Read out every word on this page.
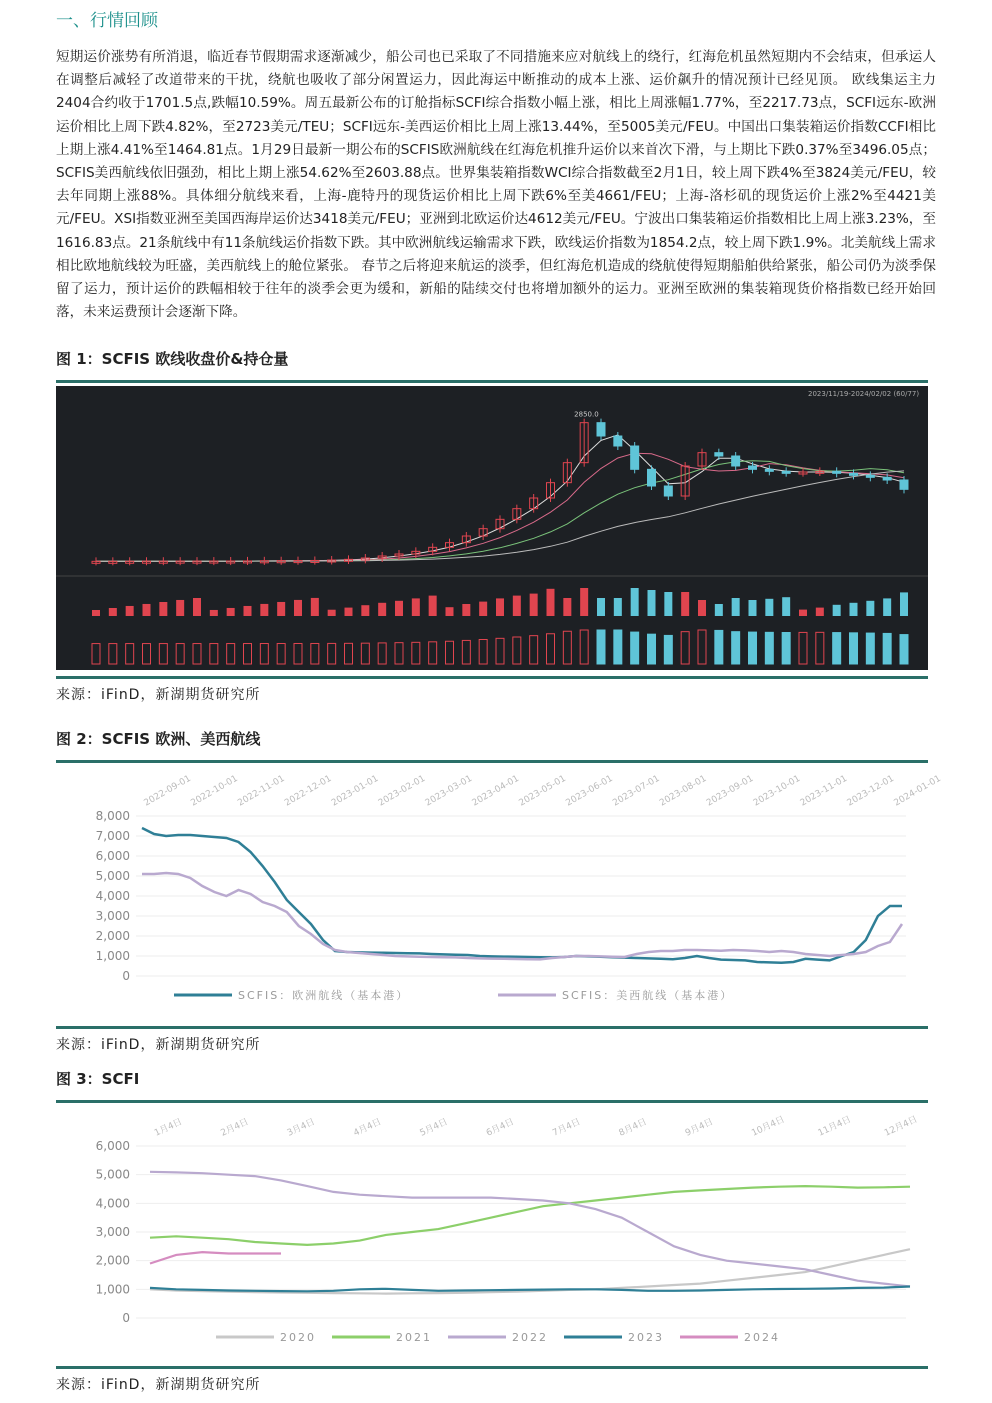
一、行情回顾

短期运价涨势有所消退，临近春节假期需求逐渐减少，船公司也已采取了不同措施来应对航线上的绕行，红海危机虽然短期内不会结束，但承运人在调整后减轻了改道带来的干扰，绕航也吸收了部分闲置运力，因此海运中断推动的成本上涨、运价飙升的情况预计已经见顶。 欧线集运主力2404合约收于1701.5点,跌幅10.59%。周五最新公布的订舱指标SCFI综合指数小幅上涨，相比上周涨幅1.77%，至2217.73点，SCFI远东-欧洲运价相比上周下跌4.82%，至2723美元/TEU；SCFI远东-美西运价相比上周上涨13.44%，至5005美元/FEU。中国出口集装箱运价指数CCFI相比上期上涨4.41%至1464.81点。1月29日最新一期公布的SCFIS欧洲航线在红海危机推升运价以来首次下滑，与上期比下跌0.37%至3496.05点；SCFIS美西航线依旧强劲，相比上期上涨54.62%至2603.88点。世界集装箱指数WCI综合指数截至2月1日，较上周下跌4%至3824美元/FEU，较去年同期上涨88%。具体细分航线来看，上海-鹿特丹的现货运价相比上周下跌6%至美4661/FEU；上海-洛杉矶的现货运价上涨2%至4421美元/FEU。XSI指数亚洲至美国西海岸运价达3418美元/FEU；亚洲到北欧运价达4612美元/FEU。宁波出口集装箱运价指数相比上周上涨3.23%，至1616.83点。21条航线中有11条航线运价指数下跌。其中欧洲航线运输需求下跌，欧线运价指数为1854.2点，较上周下跌1.9%。北美航线上需求相比欧地航线较为旺盛，美西航线上的舱位紧张。 春节之后将迎来航运的淡季，但红海危机造成的绕航使得短期船舶供给紧张，船公司仍为淡季保留了运力，预计运价的跌幅相较于往年的淡季会更为缓和，新船的陆续交付也将增加额外的运力。亚洲至欧洲的集装箱现货价格指数已经开始回落，未来运费预计会逐渐下降。

图 1：SCFIS 欧线收盘价&持仓量
2023/11/19-2024/02/02 (60/77)
2850.0
来源：iFinD，新湖期货研究所
图 2：SCFIS 欧洲、美西航线
8,000
7,000
6,000
5,000
4,000
3,000
2,000
1,000
0
2022-09-01
2022-10-01
2022-11-01
2022-12-01
2023-01-01
2023-02-01
2023-03-01
2023-04-01
2023-05-01
2023-06-01
2023-07-01
2023-08-01
2023-09-01
2023-10-01
2023-11-01
2023-12-01
2024-01-01
SCFIS：欧洲航线（基本港）	SCFIS：美西航线（基本港）
来源：iFinD，新湖期货研究所
图 3：SCFI
6,000
5,000
4,000
3,000
2,000
1,000
0
1月4日	2月4日	3月4日	4月4日	5月4日	6月4日	7月4日	8月4日	9月4日	10月4日	11月4日	12月4日
2020	2021	2022	2023	2024
来源：iFinD，新湖期货研究所
